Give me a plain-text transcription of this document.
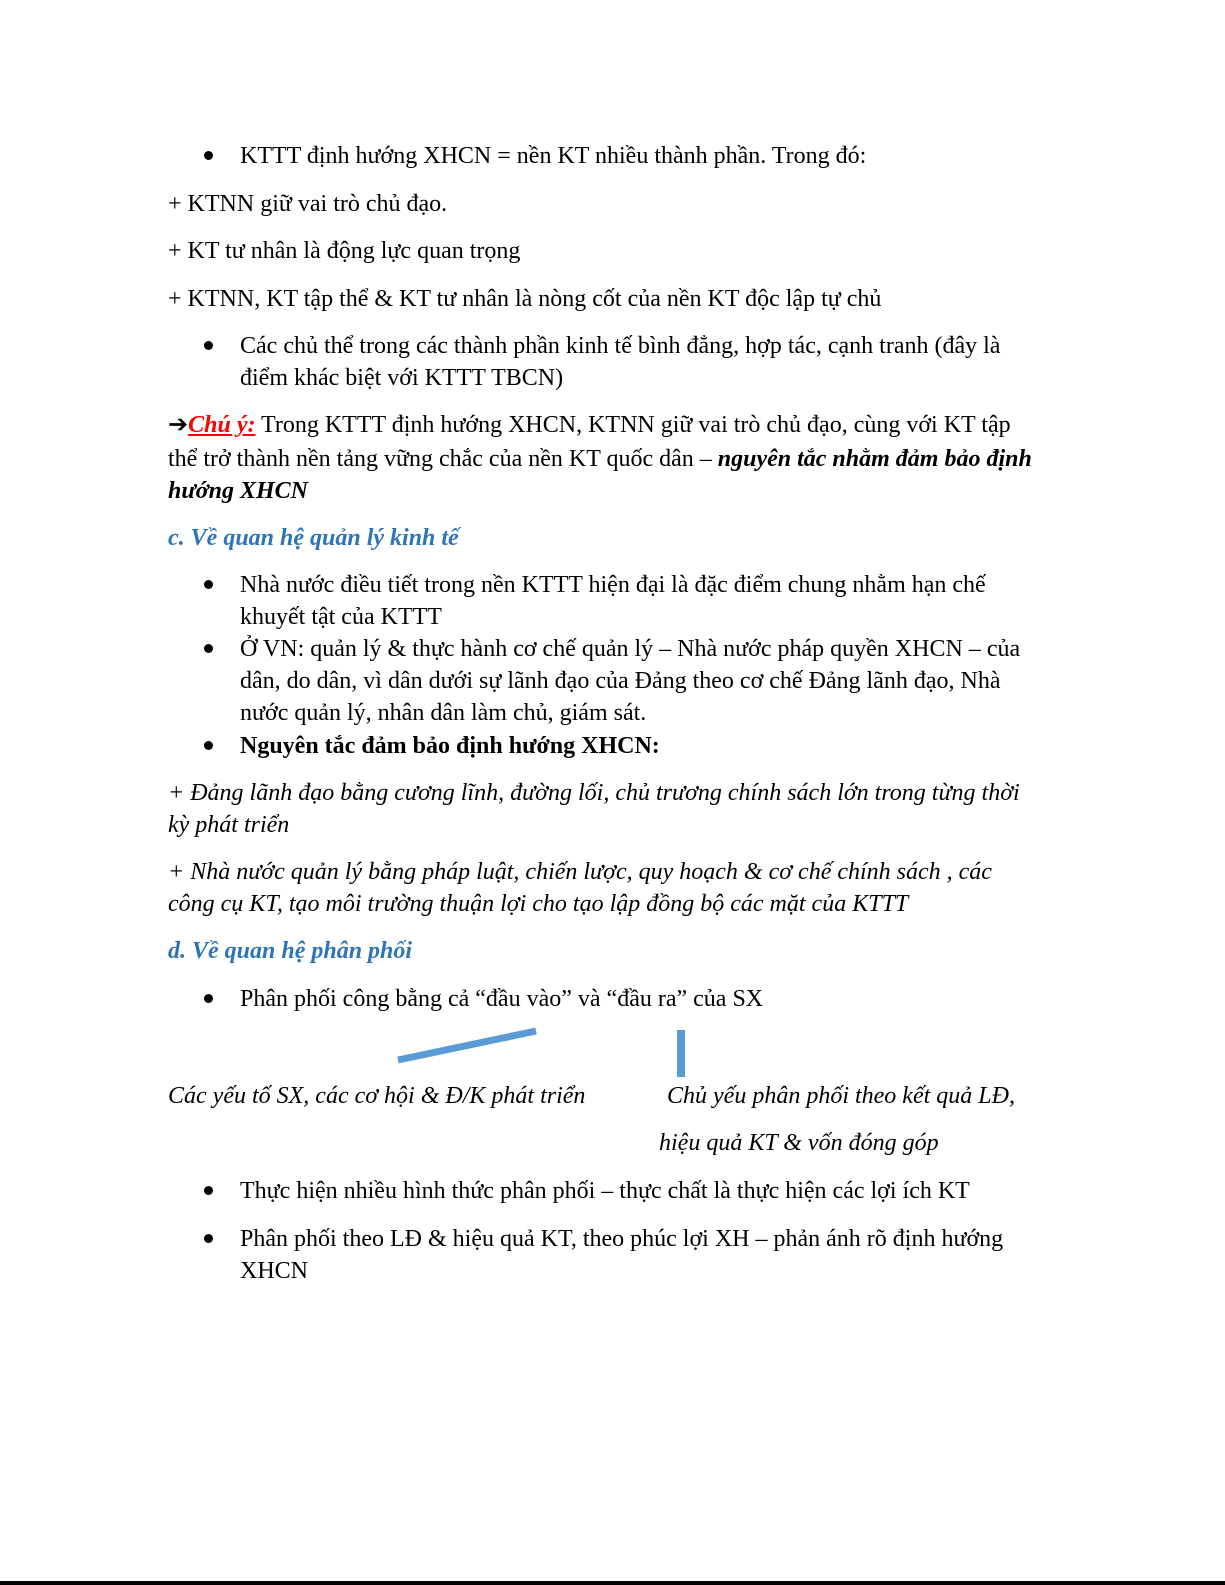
KTTT định hướng XHCN = nền KT nhiều thành phần. Trong đó:
+ KTNN giữ vai trò chủ đạo.
+ KT tư nhân là động lực quan trọng
+ KTNN, KT tập thể & KT tư nhân là nòng cốt của nền KT độc lập tự chủ
Các chủ thể trong các thành phần kinh tế bình đẳng, hợp tác, cạnh tranh (đây là
điểm khác biệt với KTTT TBCN)
➔Chú ý: Trong KTTT định hướng XHCN, KTNN giữ vai trò chủ đạo, cùng với KT tập
thể trở thành nền tảng vững chắc của nền KT quốc dân – nguyên tắc nhằm đảm bảo định
hướng XHCN
c. Về quan hệ quản lý kinh tế
Nhà nước điều tiết trong nền KTTT hiện đại là đặc điểm chung nhằm hạn chế
khuyết tật của KTTT
Ở VN: quản lý & thực hành cơ chế quản lý – Nhà nước pháp quyền XHCN – của
dân, do dân, vì dân dưới sự lãnh đạo của Đảng theo cơ chế Đảng lãnh đạo, Nhà
nước quản lý, nhân dân làm chủ, giám sát.
Nguyên tắc đảm bảo định hướng XHCN:
+ Đảng lãnh đạo bằng cương lĩnh, đường lối, chủ trương chính sách lớn trong từng thời
kỳ phát triển
+ Nhà nước quản lý bằng pháp luật, chiến lược, quy hoạch & cơ chế chính sách , các
công cụ KT, tạo môi trường thuận lợi cho tạo lập đồng bộ các mặt của KTTT
d. Về quan hệ phân phối
Phân phối công bằng cả “đầu vào” và “đầu ra” của SX
Các yếu tố SX, các cơ hội & Đ/K phát triển	Chủ yếu phân phối theo kết quả LĐ,
hiệu quả KT & vốn đóng góp
Thực hiện nhiều hình thức phân phối – thực chất là thực hiện các lợi ích KT
Phân phối theo LĐ & hiệu quả KT, theo phúc lợi XH – phản ánh rõ định hướng
XHCN
